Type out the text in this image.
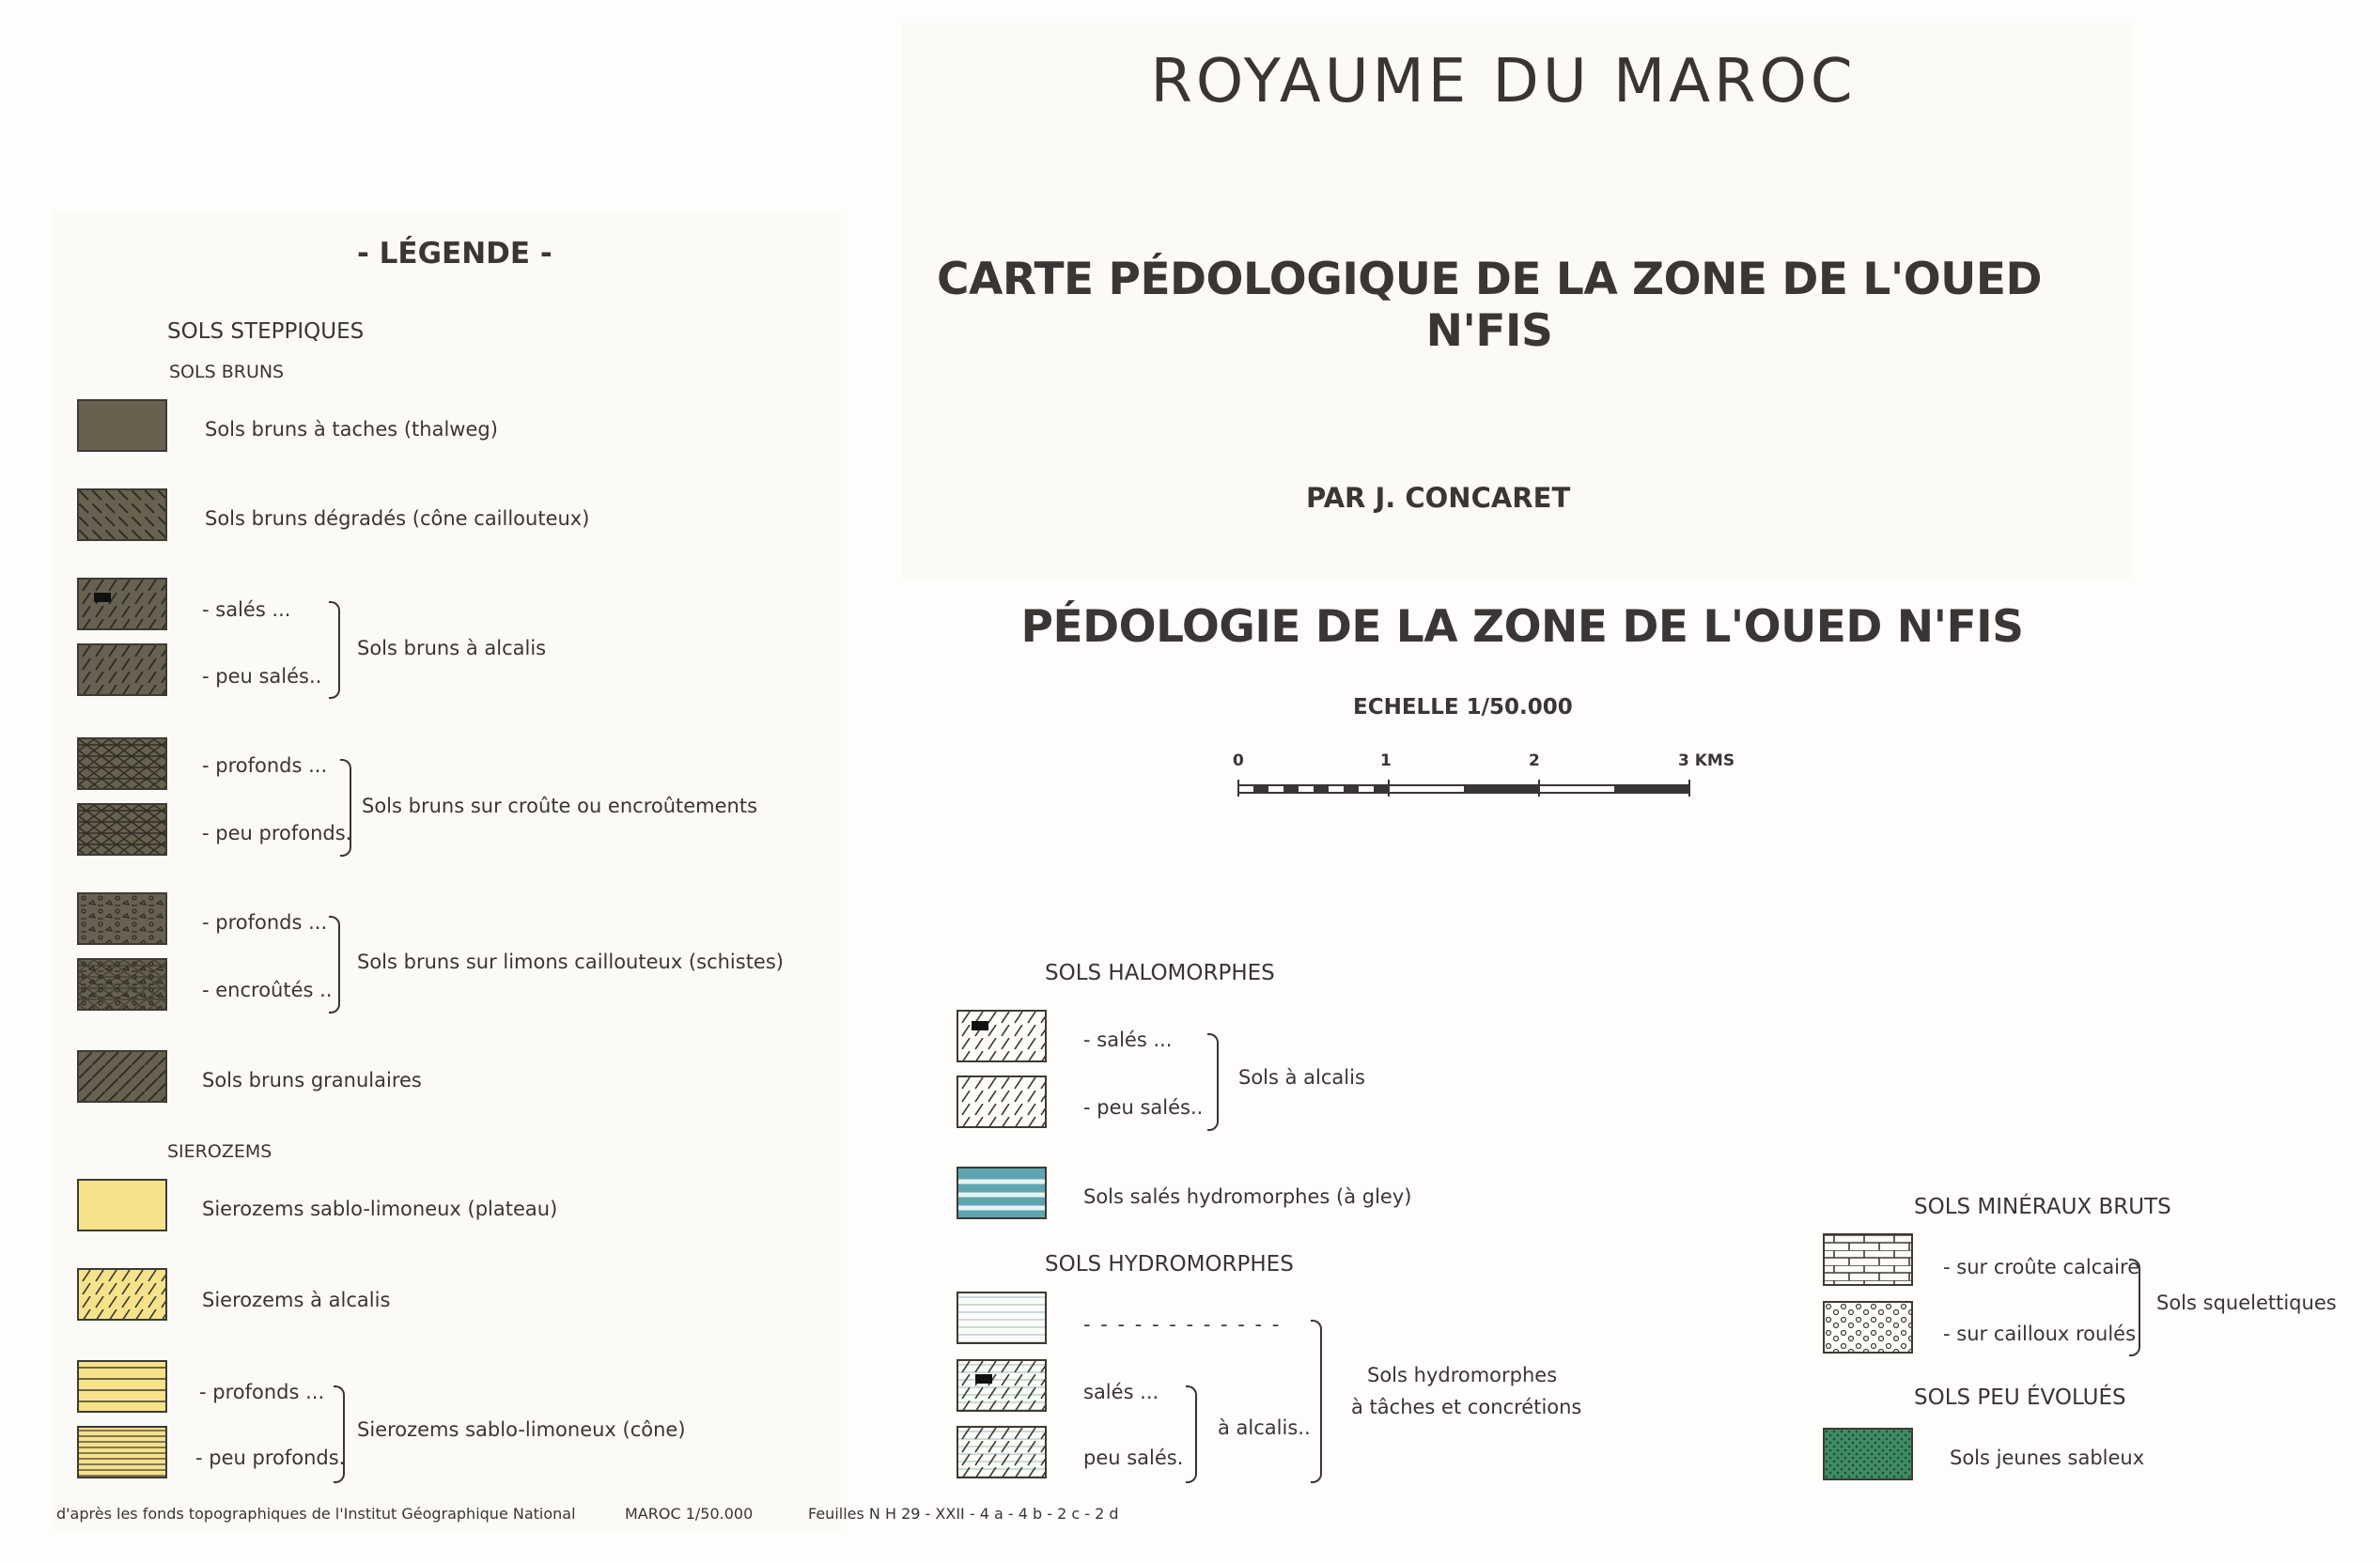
ROYAUME DU MAROC
CARTE PÉDOLOGIQUE DE LA ZONE DE L'OUED N'FIS
PAR J. CONCARET
PÉDOLOGIE DE LA ZONE DE L'OUED N'FIS
ECHELLE 1/50.000
0	1	2	3 KMS
- LÉGENDE -
SOLS STEPPIQUES
SOLS BRUNS
Sols bruns à taches (thalweg)
Sols bruns dégradés (cône caillouteux)
- salés ...
- peu salés..
Sols bruns à alcalis
- profonds ...
- peu profonds.
Sols bruns sur croûte ou encroûtements
- profonds ...
- encroûtés ..
Sols bruns sur limons caillouteux (schistes)
Sols bruns granulaires
SIEROZEMS
Sierozems sablo-limoneux (plateau)
Sierozems à alcalis
- profonds ...
- peu profonds.
Sierozems sablo-limoneux (cône)
SOLS HALOMORPHES
- salés ...
- peu salés..
Sols à alcalis
Sols salés hydromorphes (à gley)
SOLS HYDROMORPHES
- - - - - - - - - - - -
salés ...
peu salés.
à alcalis..
Sols hydromorphes
à tâches et concrétions
SOLS MINÉRAUX BRUTS
- sur croûte calcaire
- sur cailloux roulés
Sols squelettiques
SOLS PEU ÉVOLUÉS
Sols jeunes sableux
d'après les fonds topographiques de l'Institut Géographique National	MAROC 1/50.000	Feuilles N H 29 - XXII - 4 a - 4 b - 2 c - 2 d
